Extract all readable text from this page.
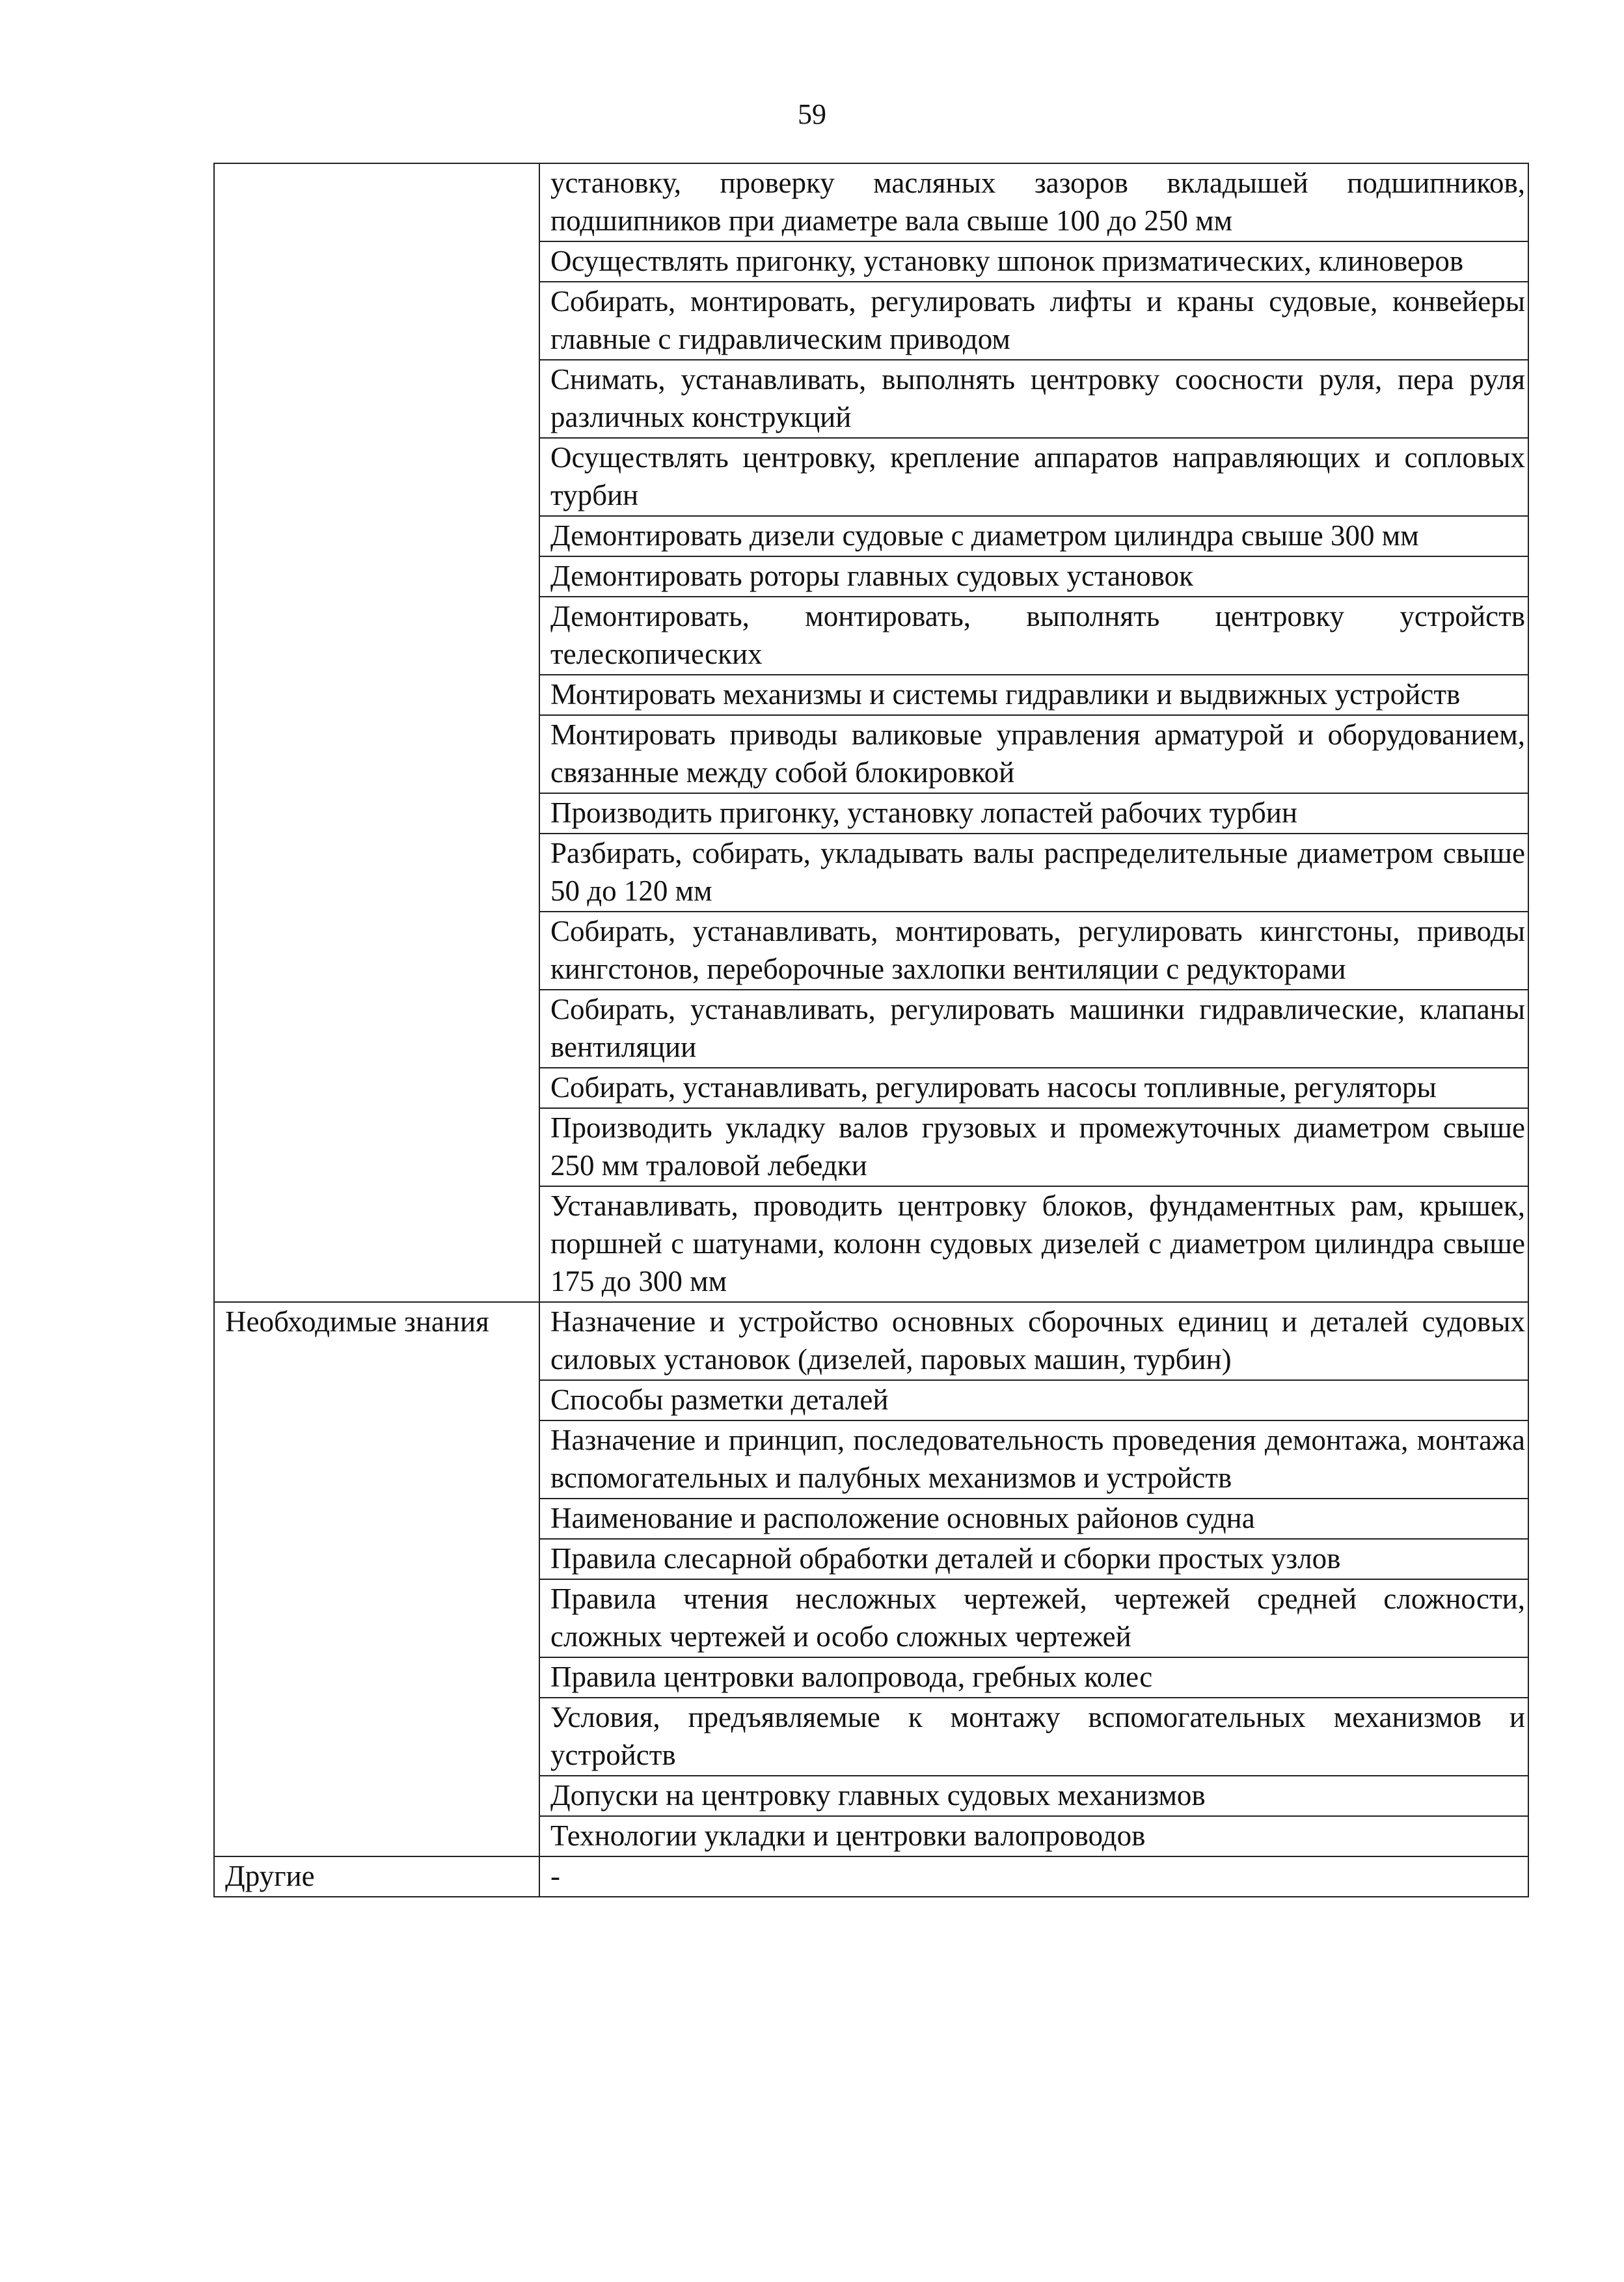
59
	установку, проверку масляных зазоров вкладышей подшипников, подшипников при диаметре вала свыше 100 до 250 мм
	Осуществлять пригонку, установку шпонок призматических, клиноверов
	Собирать, монтировать, регулировать лифты и краны судовые, конвейеры главные с гидравлическим приводом
	Снимать, устанавливать, выполнять центровку соосности руля, пера руля различных конструкций
	Осуществлять центровку, крепление аппаратов направляющих и сопловых турбин
	Демонтировать дизели судовые с диаметром цилиндра свыше 300 мм
	Демонтировать роторы главных судовых установок
	Демонтировать, монтировать, выполнять центровку устройств телескопических
	Монтировать механизмы и системы гидравлики и выдвижных устройств
	Монтировать приводы валиковые управления арматурой и оборудованием, связанные между собой блокировкой
	Производить пригонку, установку лопастей рабочих турбин
	Разбирать, собирать, укладывать валы распределительные диаметром свыше 50 до 120 мм
	Собирать, устанавливать, монтировать, регулировать кингстоны, приводы кингстонов, переборочные захлопки вентиляции с редукторами
	Собирать, устанавливать, регулировать машинки гидравлические, клапаны вентиляции
	Собирать, устанавливать, регулировать насосы топливные, регуляторы
	Производить укладку валов грузовых и промежуточных диаметром свыше 250 мм траловой лебедки
	Устанавливать, проводить центровку блоков, фундаментных рам, крышек, поршней с шатунами, колонн судовых дизелей с диаметром цилиндра свыше 175 до 300 мм
Необходимые знания	Назначение и устройство основных сборочных единиц и деталей судовых силовых установок (дизелей, паровых машин, турбин)
	Способы разметки деталей
	Назначение и принцип, последовательность проведения демонтажа, монтажа вспомогательных и палубных механизмов и устройств
	Наименование и расположение основных районов судна
	Правила слесарной обработки деталей и сборки простых узлов
	Правила чтения несложных чертежей, чертежей средней сложности, сложных чертежей и особо сложных чертежей
	Правила центровки валопровода, гребных колес
	Условия, предъявляемые к монтажу вспомогательных механизмов и устройств
	Допуски на центровку главных судовых механизмов
	Технологии укладки и центровки валопроводов
Другие	-
